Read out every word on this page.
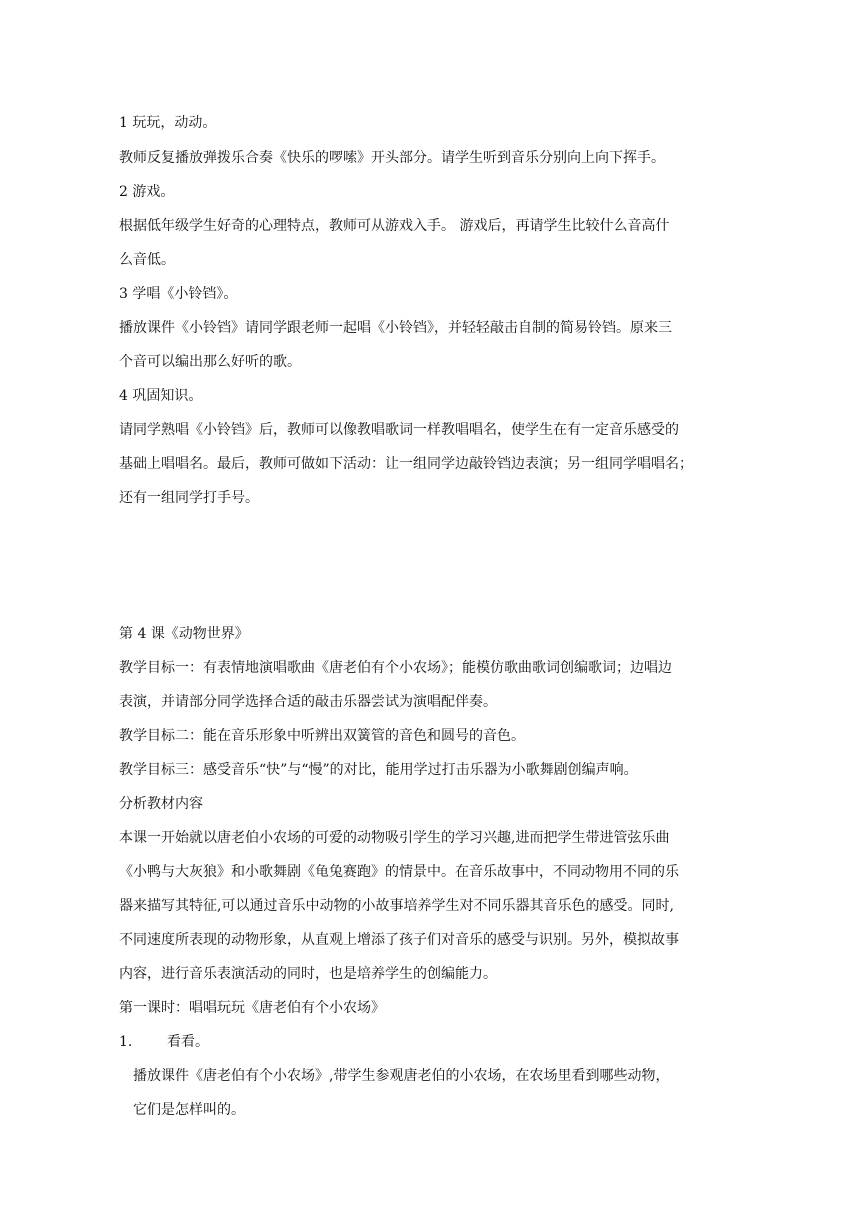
1 玩玩，动动。
教师反复播放弹拨乐合奏《快乐的啰嗦》开头部分。请学生听到音乐分别向上向下挥手。
2 游戏。
根据低年级学生好奇的心理特点，教师可从游戏入手。 游戏后，再请学生比较什么音高什
么音低。
3 学唱《小铃铛》。
播放课件《小铃铛》请同学跟老师一起唱《小铃铛》，并轻轻敲击自制的简易铃铛。原来三
个音可以编出那么好听的歌。
4 巩固知识。
请同学熟唱《小铃铛》后，教师可以像教唱歌词一样教唱唱名，使学生在有一定音乐感受的
基础上唱唱名。最后，教师可做如下活动：让一组同学边敲铃铛边表演；另一组同学唱唱名；
还有一组同学打手号。
第 4 课《动物世界》
教学目标一：有表情地演唱歌曲《唐老伯有个小农场》；能模仿歌曲歌词创编歌词；边唱边
表演，并请部分同学选择合适的敲击乐器尝试为演唱配伴奏。
教学目标二：能在音乐形象中听辨出双簧管的音色和圆号的音色。
教学目标三：感受音乐“快”与“慢”的对比，能用学过打击乐器为小歌舞剧创编声响。
分析教材内容
本课一开始就以唐老伯小农场的可爱的动物吸引学生的学习兴趣,进而把学生带进管弦乐曲
《小鸭与大灰狼》和小歌舞剧《龟兔赛跑》的情景中。在音乐故事中，不同动物用不同的乐
器来描写其特征,可以通过音乐中动物的小故事培养学生对不同乐器其音乐色的感受。同时,
不同速度所表现的动物形象，从直观上增添了孩子们对音乐的感受与识别。另外，模拟故事
内容，进行音乐表演活动的同时，也是培养学生的创编能力。
第一课时：唱唱玩玩《唐老伯有个小农场》
1. 看看。
播放课件《唐老伯有个小农场》,带学生参观唐老伯的小农场，在农场里看到哪些动物，
它们是怎样叫的。
